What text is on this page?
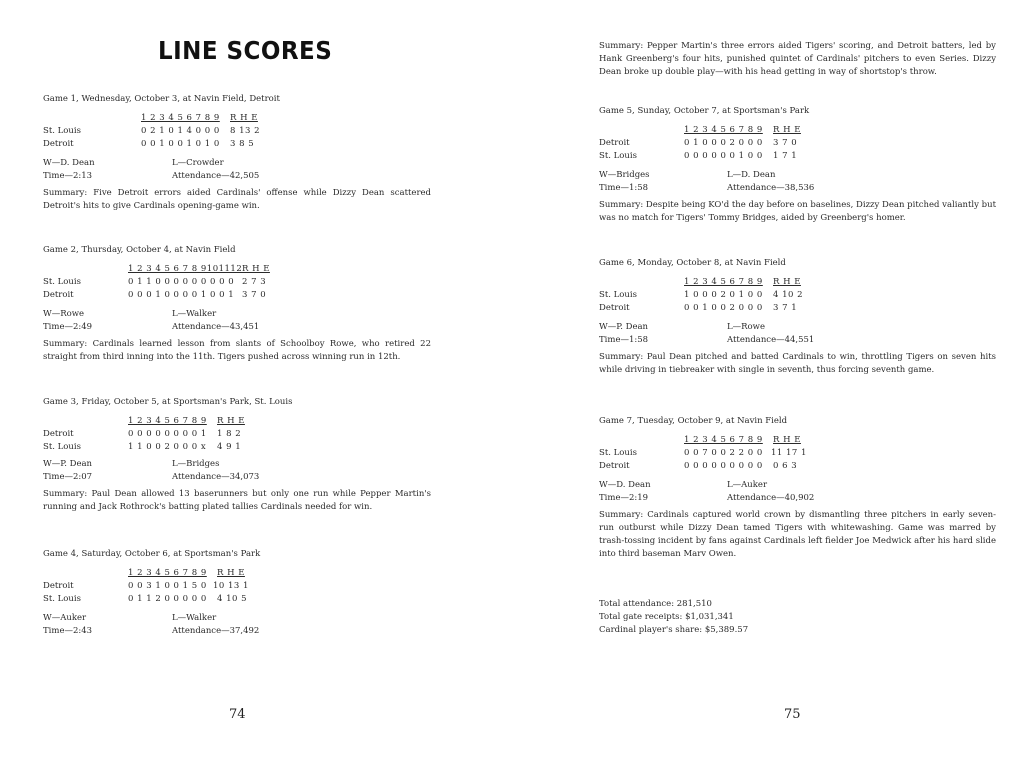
LINE SCORES
Game 1, Wednesday, October 3, at Navin Field, Detroit
1 2 3 4 5 6 7 8 9 R H E
St. Louis	0 2 1 0 1 4 0 0 0 8 13 2
Detroit	0 0 1 0 0 1 0 1 0 3 8 5
W—D. Dean	L—Crowder
Time—2:13	Attendance—42,505
Summary: Five Detroit errors aided Cardinals' offense while Dizzy Dean scattered Detroit's hits to give Cardinals opening-game win.
Game 2, Thursday, October 4, at Navin Field
1 2 3 4 5 6 7 8 9101112 R H E
St. Louis	0 1 1 0 0 0 0 0 0 0 0 0 2 7 3
Detroit	0 0 0 1 0 0 0 0 1 0 0 1 3 7 0
W—Rowe	L—Walker
Time—2:49	Attendance—43,451
Summary: Cardinals learned lesson from slants of Schoolboy Rowe, who retired 22 straight from third inning into the 11th. Tigers pushed across winning run in 12th.
Game 3, Friday, October 5, at Sportsman's Park, St. Louis
1 2 3 4 5 6 7 8 9 R H E
Detroit	0 0 0 0 0 0 0 0 1 1 8 2
St. Louis	1 1 0 0 2 0 0 0 x 4 9 1
W—P. Dean	L—Bridges
Time—2:07	Attendance—34,073
Summary: Paul Dean allowed 13 baserunners but only one run while Pepper Martin's running and Jack Rothrock's batting plated tallies Cardinals needed for win.
Game 4, Saturday, October 6, at Sportsman's Park
1 2 3 4 5 6 7 8 9 R H E
Detroit	0 0 3 1 0 0 1 5 0 10 13 1
St. Louis	0 1 1 2 0 0 0 0 0 4 10 5
W—Auker	L—Walker
Time—2:43	Attendance—37,492
74
Summary: Pepper Martin's three errors aided Tigers' scoring, and Detroit batters, led by Hank Greenberg's four hits, punished quintet of Cardinals' pitchers to even Series. Dizzy Dean broke up double play—with his head getting in way of shortstop's throw.
Game 5, Sunday, October 7, at Sportsman's Park
1 2 3 4 5 6 7 8 9 R H E
Detroit	0 1 0 0 0 2 0 0 0 3 7 0
St. Louis	0 0 0 0 0 0 1 0 0 1 7 1
W—Bridges	L—D. Dean
Time—1:58	Attendance—38,536
Summary: Despite being KO'd the day before on baselines, Dizzy Dean pitched valiantly but was no match for Tigers' Tommy Bridges, aided by Greenberg's homer.
Game 6, Monday, October 8, at Navin Field
1 2 3 4 5 6 7 8 9 R H E
St. Louis	1 0 0 0 2 0 1 0 0 4 10 2
Detroit	0 0 1 0 0 2 0 0 0 3 7 1
W—P. Dean	L—Rowe
Time—1:58	Attendance—44,551
Summary: Paul Dean pitched and batted Cardinals to win, throttling Tigers on seven hits while driving in tiebreaker with single in seventh, thus forcing seventh game.
Game 7, Tuesday, October 9, at Navin Field
1 2 3 4 5 6 7 8 9 R H E
St. Louis	0 0 7 0 0 2 2 0 0 11 17 1
Detroit	0 0 0 0 0 0 0 0 0 0 6 3
W—D. Dean	L—Auker
Time—2:19	Attendance—40,902
Summary: Cardinals captured world crown by dismantling three pitchers in early seven-run outburst while Dizzy Dean tamed Tigers with whitewashing. Game was marred by trash-tossing incident by fans against Cardinals left fielder Joe Medwick after his hard slide into third baseman Marv Owen.
Total attendance: 281,510
Total gate receipts: $1,031,341
Cardinal player's share: $5,389.57
75
